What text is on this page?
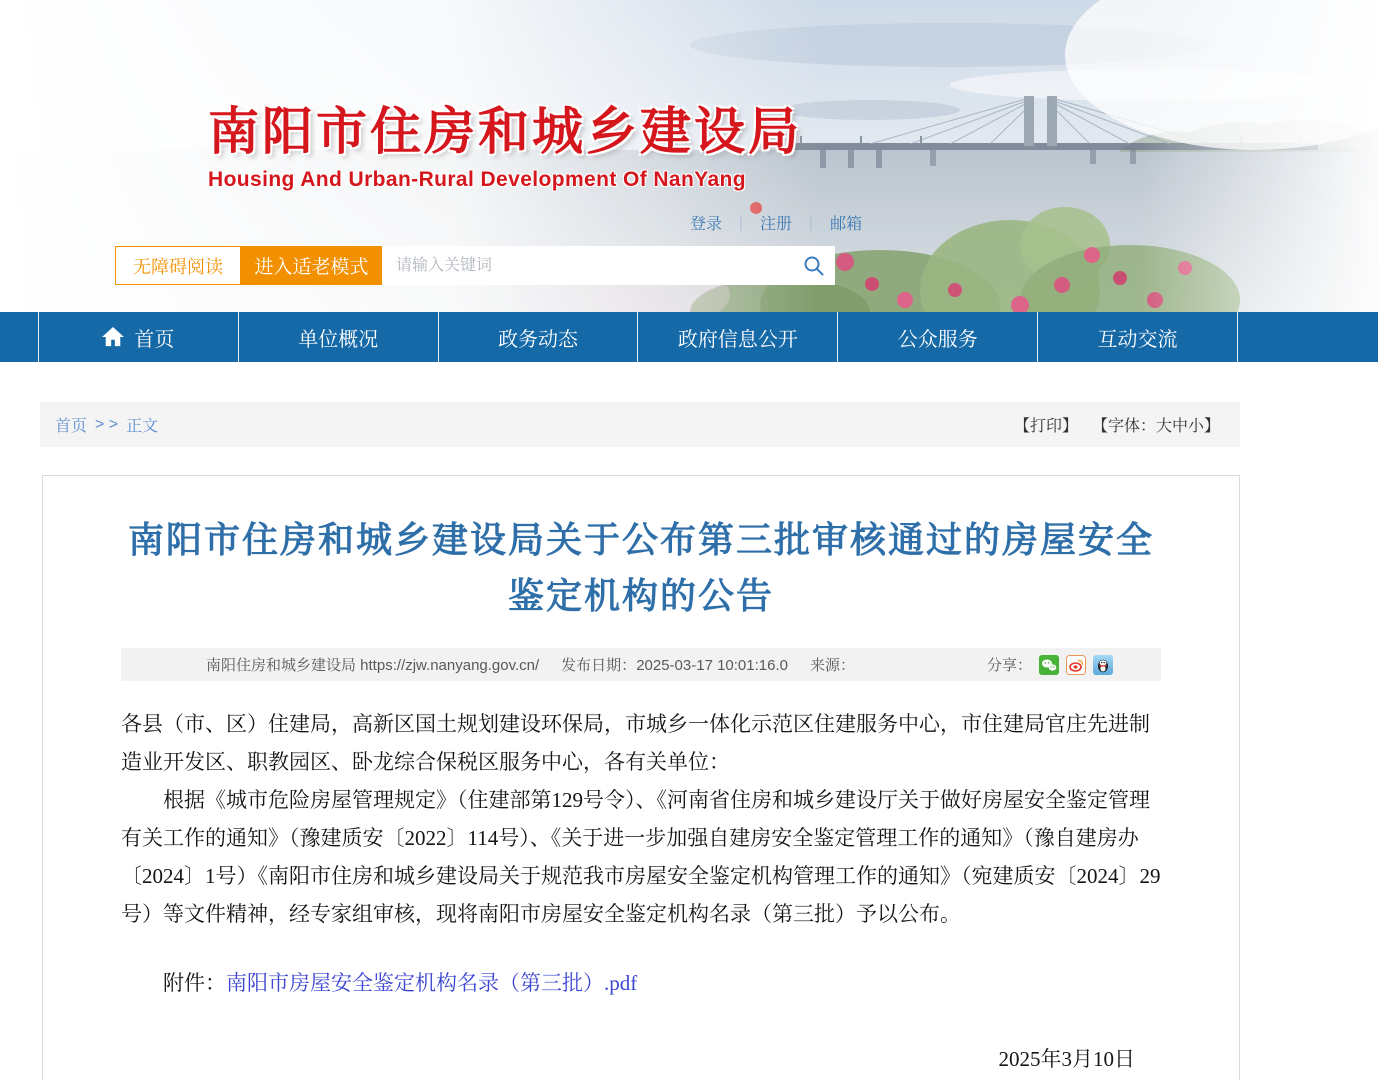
南阳市住房和城乡建设局
Housing And Urban-Rural Development Of NanYang
登录 ｜ 注册 ｜ 邮箱
无障碍阅读	进入适老模式
请输入关键词
首页	单位概况	政务动态	政府信息公开	公众服务	互动交流
首页 > > 正文	【打印】 【字体：大中小】
南阳市住房和城乡建设局关于公布第三批审核通过的房屋安全
鉴定机构的公告
南阳住房和城乡建设局 https://zjw.nanyang.gov.cn/ 发布日期：2025-03-17 10:01:16.0 来源：	分享：

各县（市、区）住建局，高新区国土规划建设环保局，市城乡一体化示范区住建服务中心，市住建局官庄先进制造业开发区、职教园区、卧龙综合保税区服务中心，各有关单位：

根据《城市危险房屋管理规定》（住建部第129号令）、《河南省住房和城乡建设厅关于做好房屋安全鉴定管理有关工作的通知》（豫建质安〔2022〕114号）、《关于进一步加强自建房安全鉴定管理工作的通知》（豫自建房办〔2024〕1号）《南阳市住房和城乡建设局关于规范我市房屋安全鉴定机构管理工作的通知》（宛建质安〔2024〕29号）等文件精神，经专家组审核，现将南阳市房屋安全鉴定机构名录（第三批）予以公布。

附件：南阳市房屋安全鉴定机构名录（第三批）.pdf

2025年3月10日
